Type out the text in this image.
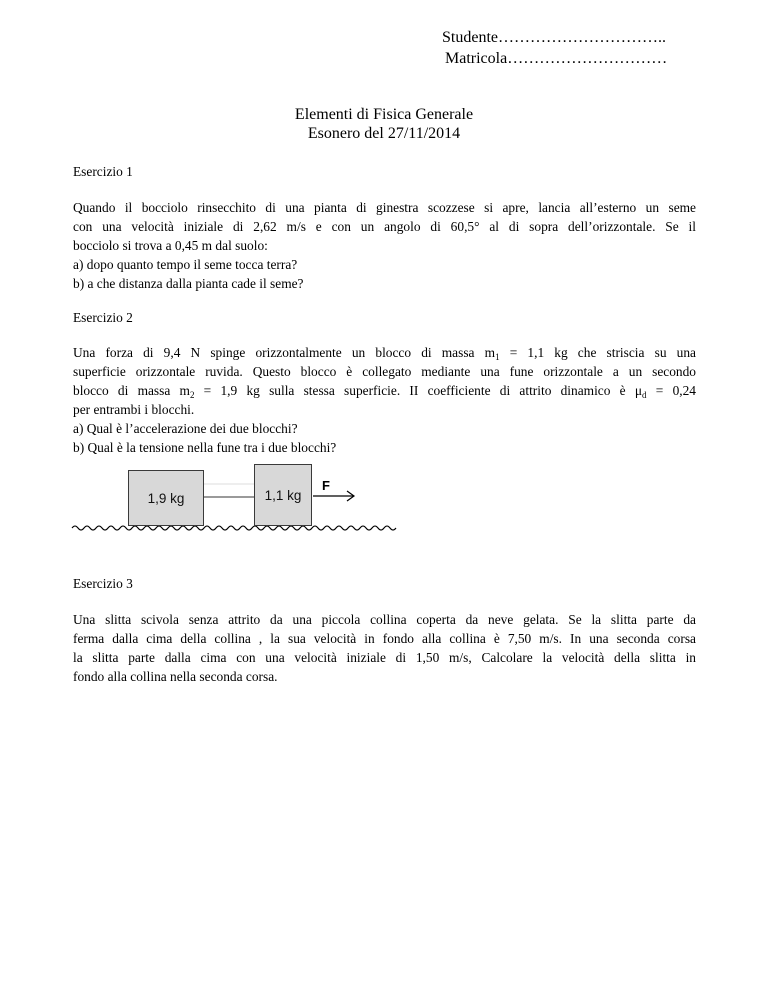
Studente…………………………..
Matricola…………………………
Elementi di Fisica Generale
Esonero del 27/11/2014
Esercizio 1
Quando il bocciolo rinsecchito di una pianta di ginestra scozzese si apre, lancia all’esterno un seme
con una velocità iniziale di 2,62 m/s e con un angolo di 60,5° al di sopra dell’orizzontale. Se il
bocciolo si trova a 0,45 m dal suolo:
a) dopo quanto tempo il seme tocca terra?
b) a che distanza dalla pianta cade il seme?
Esercizio 2
Una forza di 9,4 N spinge orizzontalmente un blocco di massa $m_1 = 1,1$ kg che striscia su una
superficie orizzontale ruvida. Questo blocco è collegato mediante una fune orizzontale a un secondo
blocco di massa $m_2 = 1,9$ kg sulla stessa superficie. II coefficiente di attrito dinamico è $\mu_d = 0,24$
per entrambi i blocchi.
a) Qual è l’accelerazione dei due blocchi?
b) Qual è la tensione nella fune tra i due blocchi?
1,9 kg	1,1 kg
F
Esercizio 3
Una slitta scivola senza attrito da una piccola collina coperta da neve gelata. Se la slitta parte da
ferma dalla cima della collina , la sua velocità in fondo alla collina è 7,50 m/s. In una seconda corsa
la slitta parte dalla cima con una velocità iniziale di 1,50 m/s, Calcolare la velocità della slitta in
fondo alla collina nella seconda corsa.
